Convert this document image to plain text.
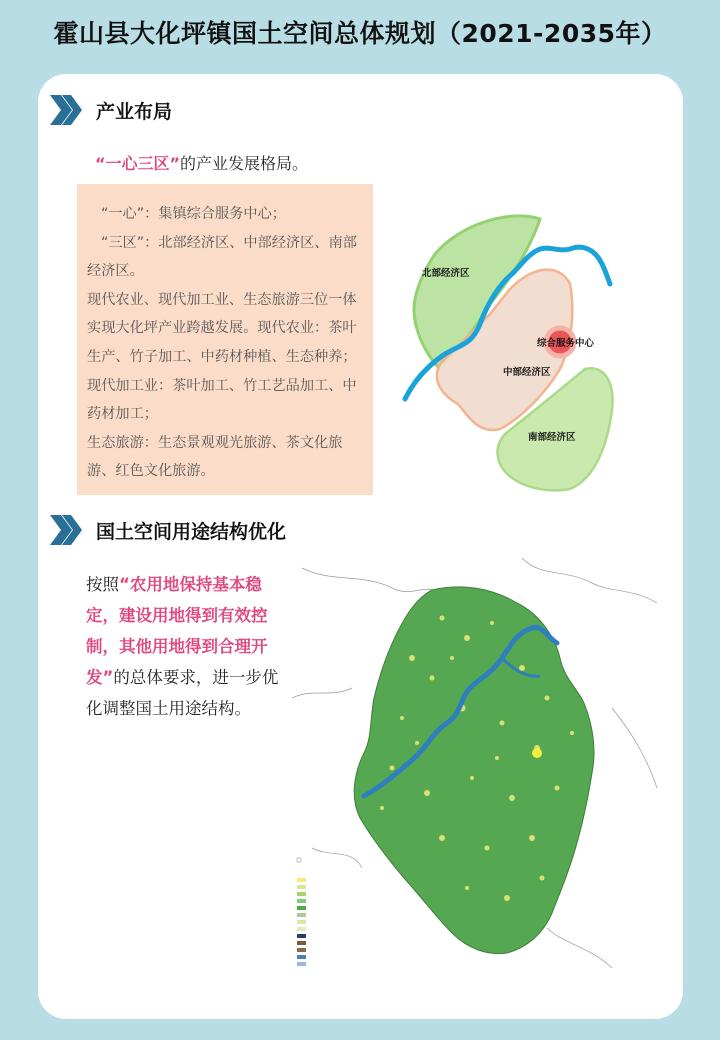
霍山县大化坪镇国土空间总体规划（2021-2035年）
产业布局
“一心三区”的产业发展格局。

“一心”：集镇综合服务中心；

“三区”：北部经济区、中部经济区、南部经济区。

现代农业、现代加工业、生态旅游三位一体实现大化坪产业跨越发展。现代农业：茶叶生产、竹子加工、中药材种植、生态种养；现代加工业：茶叶加工、竹工艺品加工、中药材加工；

生态旅游：生态景观观光旅游、茶文化旅游、红色文化旅游。

北部经济区
综合服务中心
中部经济区
南部经济区
国土空间用途结构优化
按照“农用地保持基本稳定，建设用地得到有效控制，其他用地得到合理开发”的总体要求，进一步优化调整国土用途结构。
